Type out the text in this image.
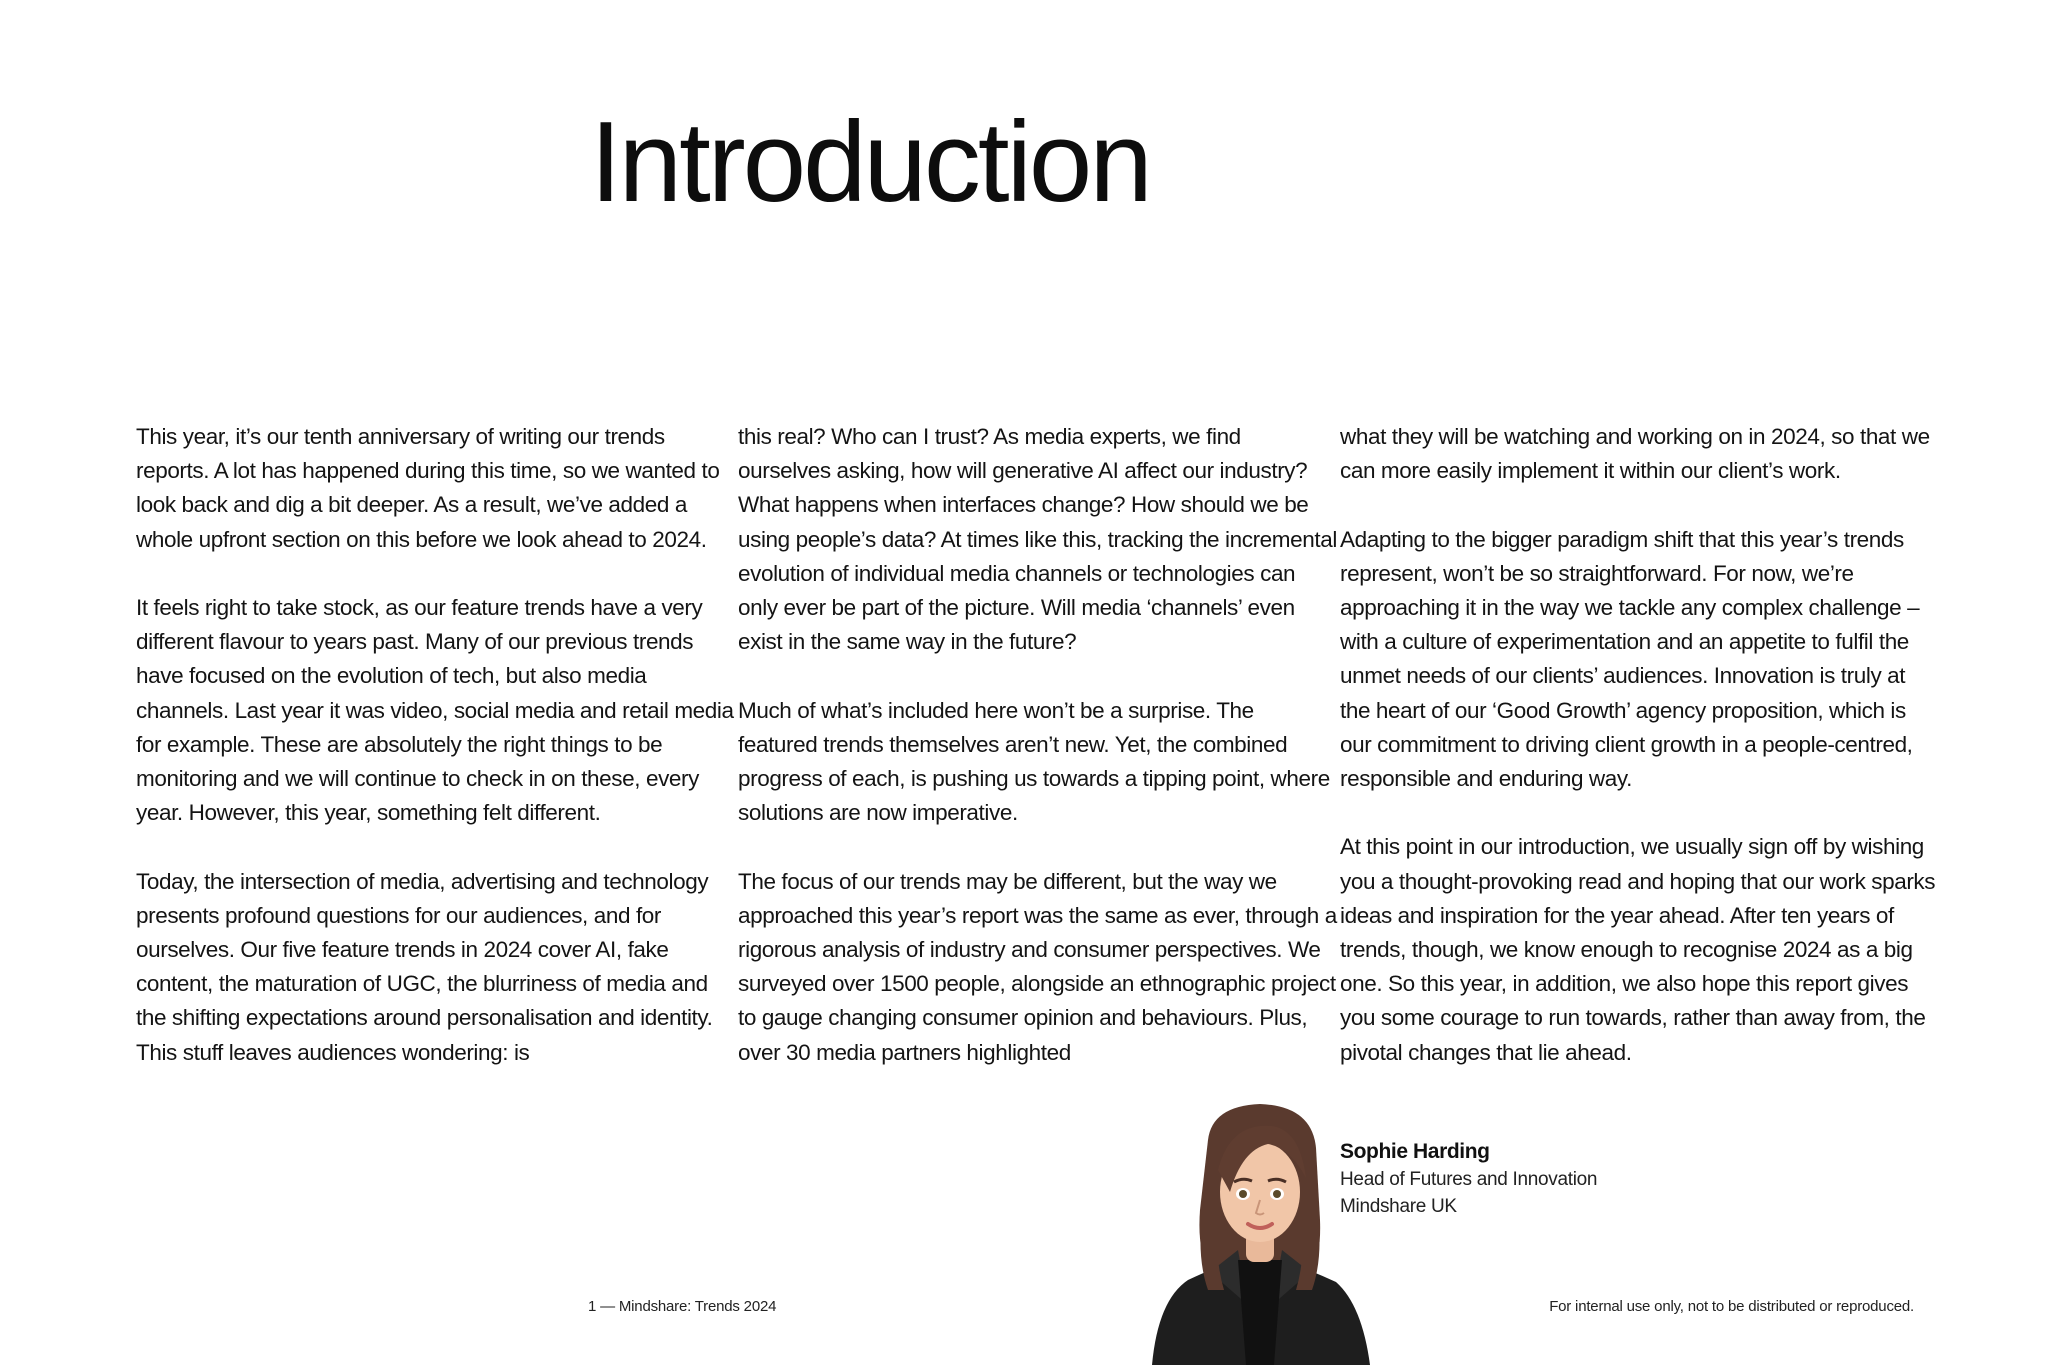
Introduction

This year, it’s our tenth anniversary of writing our trends reports. A lot has happened during this time, so we wanted to look back and dig a bit deeper. As a result, we’ve added a whole upfront section on this before we look ahead to 2024.

It feels right to take stock, as our feature trends have a very different flavour to years past. Many of our previous trends have focused on the evolution of tech, but also media channels. Last year it was video, social media and retail media for example. These are absolutely the right things to be monitoring and we will continue to check in on these, every year. However, this year, something felt different.

Today, the intersection of media, advertising and technology presents profound questions for our audiences, and for ourselves. Our five feature trends in 2024 cover AI, fake content, the maturation of UGC, the blurriness of media and the shifting expectations around personalisation and identity. This stuff leaves audiences wondering: is

this real? Who can I trust? As media experts, we find ourselves asking, how will generative AI affect our industry? What happens when interfaces change? How should we be using people’s data? At times like this, tracking the incremental evolution of individual media channels or technologies can only ever be part of the picture. Will media ‘channels’ even exist in the same way in the future?

Much of what’s included here won’t be a surprise. The featured trends themselves aren’t new. Yet, the combined progress of each, is pushing us towards a tipping point, where solutions are now imperative.

The focus of our trends may be different, but the way we approached this year’s report was the same as ever, through a rigorous analysis of industry and consumer perspectives. We surveyed over 1500 people, alongside an ethnographic project to gauge changing consumer opinion and behaviours. Plus, over 30 media partners highlighted

what they will be watching and working on in 2024, so that we can more easily implement it within our client’s work.

Adapting to the bigger paradigm shift that this year’s trends represent, won’t be so straightforward. For now, we’re approaching it in the way we tackle any complex challenge – with a culture of experimentation and an appetite to fulfil the unmet needs of our clients’ audiences. Innovation is truly at the heart of our ‘Good Growth’ agency proposition, which is our commitment to driving client growth in a people-centred, responsible and enduring way.

At this point in our introduction, we usually sign off by wishing you a thought-provoking read and hoping that our work sparks ideas and inspiration for the year ahead. After ten years of trends, though, we know enough to recognise 2024 as a big one. So this year, in addition, we also hope this report gives you some courage to run towards, rather than away from, the pivotal changes that lie ahead.

Sophie Harding
Head of Futures and Innovation
Mindshare UK
1 — Mindshare: Trends 2024	For internal use only, not to be distributed or reproduced.
